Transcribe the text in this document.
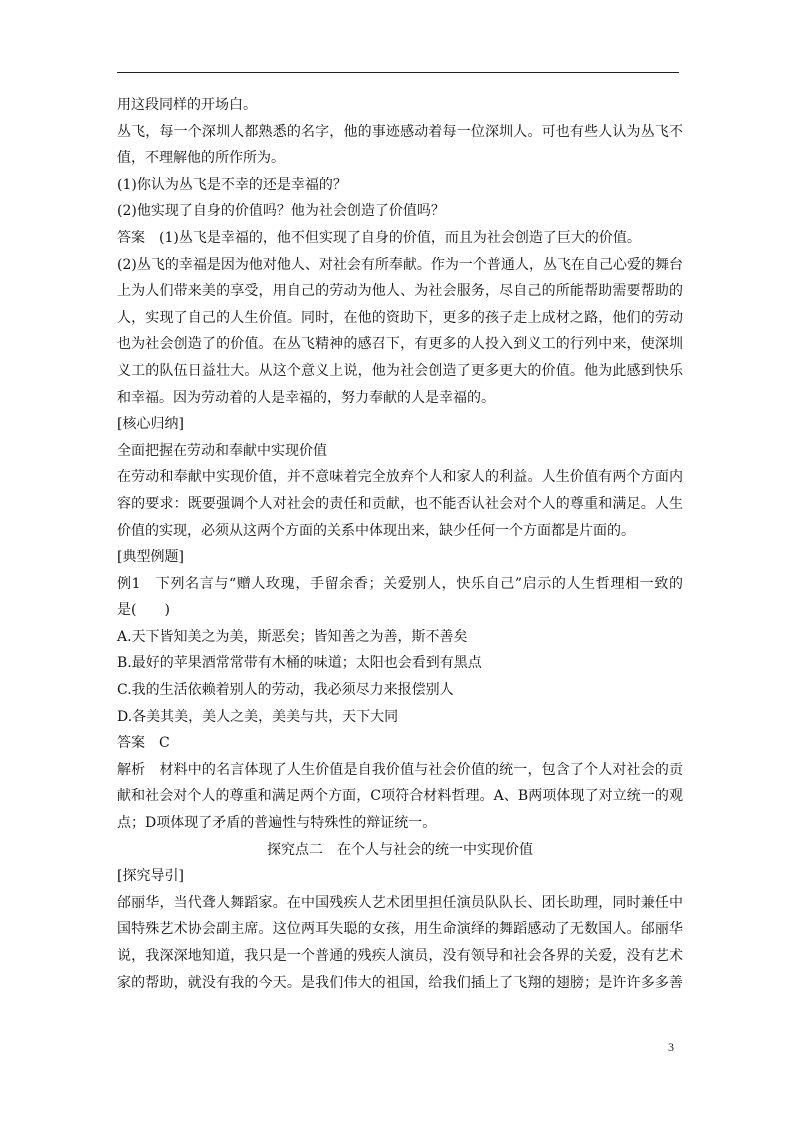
用这段同样的开场白。
丛飞，每一个深圳人都熟悉的名字，他的事迹感动着每一位深圳人。可也有些人认为丛飞不
值，不理解他的所作所为。
(1)你认为丛飞是不幸的还是幸福的？
(2)他实现了自身的价值吗？他为社会创造了价值吗？
答案　(1)丛飞是幸福的，他不但实现了自身的价值，而且为社会创造了巨大的价值。
(2)丛飞的幸福是因为他对他人、对社会有所奉献。作为一个普通人，丛飞在自己心爱的舞台
上为人们带来美的享受，用自己的劳动为他人、为社会服务，尽自己的所能帮助需要帮助的
人，实现了自己的人生价值。同时，在他的资助下，更多的孩子走上成材之路，他们的劳动
也为社会创造了的价值。在丛飞精神的感召下，有更多的人投入到义工的行列中来，使深圳
义工的队伍日益壮大。从这个意义上说，他为社会创造了更多更大的价值。他为此感到快乐
和幸福。因为劳动着的人是幸福的，努力奉献的人是幸福的。
[核心归纳]
全面把握在劳动和奉献中实现价值
在劳动和奉献中实现价值，并不意味着完全放弃个人和家人的利益。人生价值有两个方面内
容的要求：既要强调个人对社会的责任和贡献，也不能否认社会对个人的尊重和满足。人生
价值的实现，必须从这两个方面的关系中体现出来，缺少任何一个方面都是片面的。
[典型例题]
例1　下列名言与“赠人玫瑰，手留余香；关爱别人，快乐自己”启示的人生哲理相一致的
是(　　)
A.天下皆知美之为美，斯恶矣；皆知善之为善，斯不善矣
B.最好的苹果酒常常带有木桶的味道；太阳也会看到有黑点
C.我的生活依赖着别人的劳动，我必须尽力来报偿别人
D.各美其美，美人之美，美美与共，天下大同
答案　C
解析　材料中的名言体现了人生价值是自我价值与社会价值的统一，包含了个人对社会的贡
献和社会对个人的尊重和满足两个方面，C项符合材料哲理。A、B两项体现了对立统一的观
点；D项体现了矛盾的普遍性与特殊性的辩证统一。
探究点二　在个人与社会的统一中实现价值
[探究导引]
邰丽华，当代聋人舞蹈家。在中国残疾人艺术团里担任演员队队长、团长助理，同时兼任中
国特殊艺术协会副主席。这位两耳失聪的女孩，用生命演绎的舞蹈感动了无数国人。邰丽华
说，我深深地知道，我只是一个普通的残疾人演员，没有领导和社会各界的关爱，没有艺术
家的帮助，就没有我的今天。是我们伟大的祖国，给我们插上了飞翔的翅膀；是许许多多善
3
